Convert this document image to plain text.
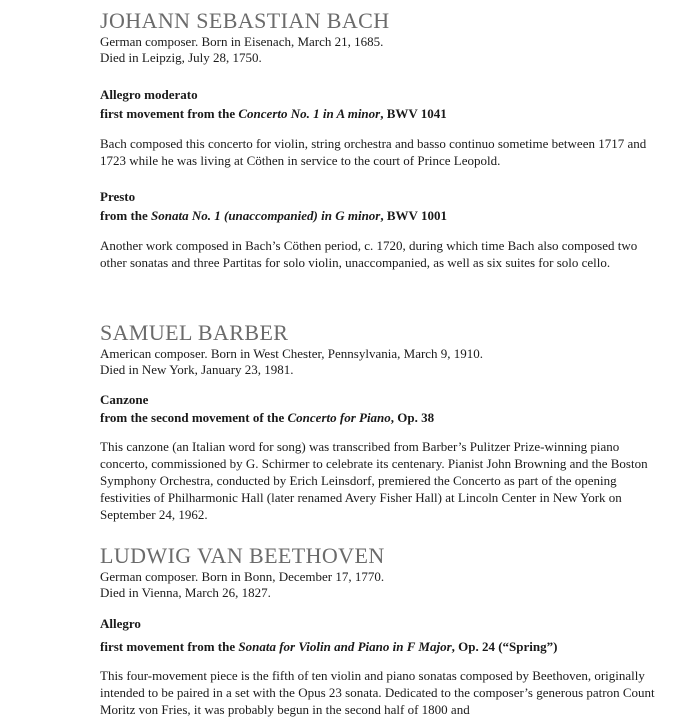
JOHANN SEBASTIAN BACH

German composer. Born in Eisenach, March 21, 1685.

Died in Leipzig, July 28, 1750.

Allegro moderato

first movement from the Concerto No. 1 in A minor, BWV 1041

Bach composed this concerto for violin, string orchestra and basso continuo sometime between 1717 and 1723 while he was living at Cöthen in service to the court of Prince Leopold.

Presto

from the Sonata No. 1 (unaccompanied) in G minor, BWV 1001

Another work composed in Bach’s Cöthen period, c. 1720, during which time Bach also composed two other sonatas and three Partitas for solo violin, unaccompanied, as well as six suites for solo cello.

SAMUEL BARBER

American composer. Born in West Chester, Pennsylvania, March 9, 1910.

Died in New York, January 23, 1981.

Canzone

from the second movement of the Concerto for Piano, Op. 38

This canzone (an Italian word for song) was transcribed from Barber’s Pulitzer Prize-winning piano concerto, commissioned by G. Schirmer to celebrate its centenary. Pianist John Browning and the Boston Symphony Orchestra, conducted by Erich Leinsdorf, premiered the Concerto as part of the opening festivities of Philharmonic Hall (later renamed Avery Fisher Hall) at Lincoln Center in New York on September 24, 1962.

LUDWIG VAN BEETHOVEN

German composer. Born in Bonn, December 17, 1770.

Died in Vienna, March 26, 1827.

Allegro

first movement from the Sonata for Violin and Piano in F Major, Op. 24 (“Spring”)

This four-movement piece is the fifth of ten violin and piano sonatas composed by Beethoven, originally intended to be paired in a set with the Opus 23 sonata. Dedicated to the composer’s generous patron Count Moritz von Fries, it was probably begun in the second half of 1800 and
